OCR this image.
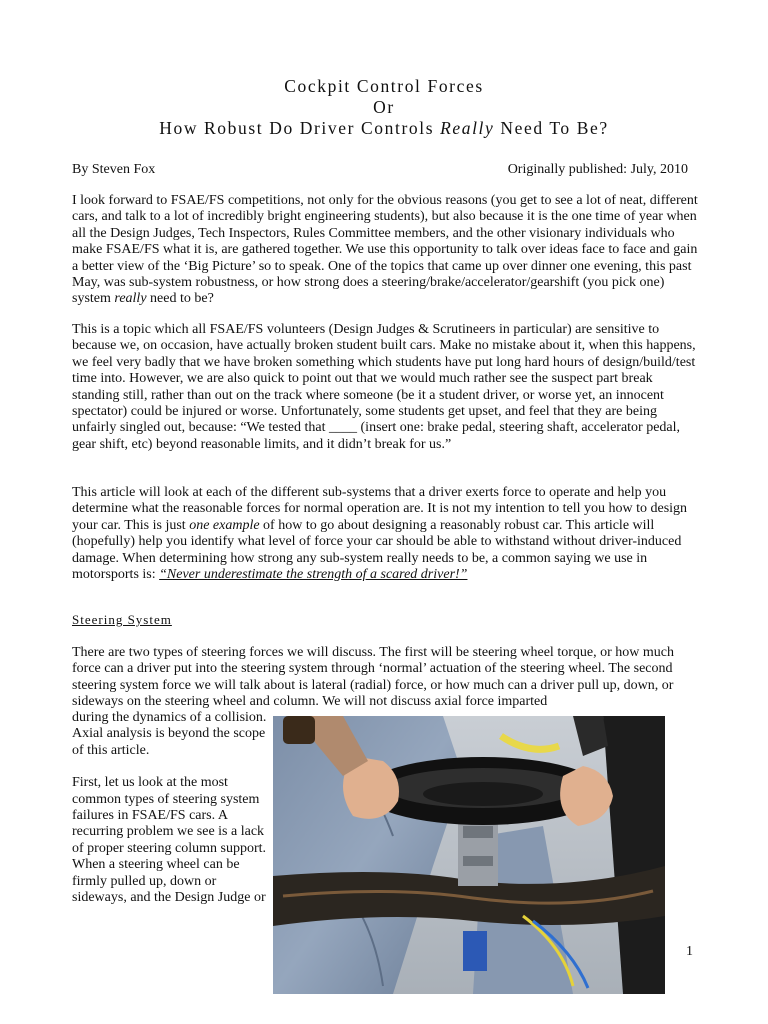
Cockpit Control Forces
Or
How Robust Do Driver Controls Really Need To Be?
By Steven Fox	Originally published: July, 2010

I look forward to FSAE/FS competitions, not only for the obvious reasons (you get to see a lot of neat, different cars, and talk to a lot of incredibly bright engineering students), but also because it is the one time of year when all the Design Judges, Tech Inspectors, Rules Committee members, and the other visionary individuals who make FSAE/FS what it is, are gathered together. We use this opportunity to talk over ideas face to face and gain a better view of the ‘Big Picture’ so to speak. One of the topics that came up over dinner one evening, this past May, was sub-system robustness, or how strong does a steering/brake/accelerator/gearshift (you pick one) system really need to be?

This is a topic which all FSAE/FS volunteers (Design Judges & Scrutineers in particular) are sensitive to because we, on occasion, have actually broken student built cars. Make no mistake about it, when this happens, we feel very badly that we have broken something which students have put long hard hours of design/build/test time into. However, we are also quick to point out that we would much rather see the suspect part break standing still, rather than out on the track where someone (be it a student driver, or worse yet, an innocent spectator) could be injured or worse. Unfortunately, some students get upset, and feel that they are being unfairly singled out, because: “We tested that ____ (insert one: brake pedal, steering shaft, accelerator pedal, gear shift, etc) beyond reasonable limits, and it didn’t break for us.”

This article will look at each of the different sub-systems that a driver exerts force to operate and help you determine what the reasonable forces for normal operation are. It is not my intention to tell you how to design your car. This is just one example of how to go about designing a reasonably robust car. This article will (hopefully) help you identify what level of force your car should be able to withstand without driver-induced damage. When determining how strong any sub-system really needs to be, a common saying we use in motorsports is: “Never underestimate the strength of a scared driver!”

Steering System

There are two types of steering forces we will discuss. The first will be steering wheel torque, or how much force can a driver put into the steering system through ‘normal’ actuation of the steering wheel. The second steering system force we will talk about is lateral (radial) force, or how much can a driver pull up, down, or sideways on the steering wheel and column. We will not discuss axial force imparted

during the dynamics of a collision. Axial analysis is beyond the scope of this article.

First, let us look at the most common types of steering system failures in FSAE/FS cars. A recurring problem we see is a lack of proper steering column support. When a steering wheel can be firmly pulled up, down or sideways, and the Design Judge or

1
